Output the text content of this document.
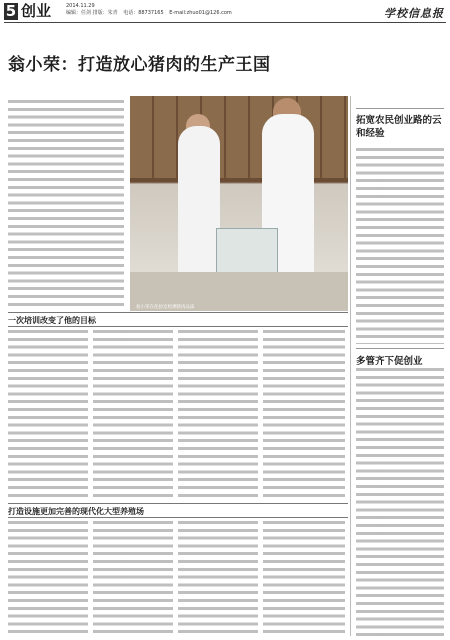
5 创业	2014.11.29
编辑：任剑 排版：朱青 电话：88737165 E-mail:zhuo01@126.com	学校信息报
翁小荣：打造放心猪肉的生产王国
翁小荣在化验室检测猪肉品质
一次培训改变了他的目标
打造设施更加完善的现代化大型养殖场
拓宽农民创业路的云和经验
多管齐下促创业
